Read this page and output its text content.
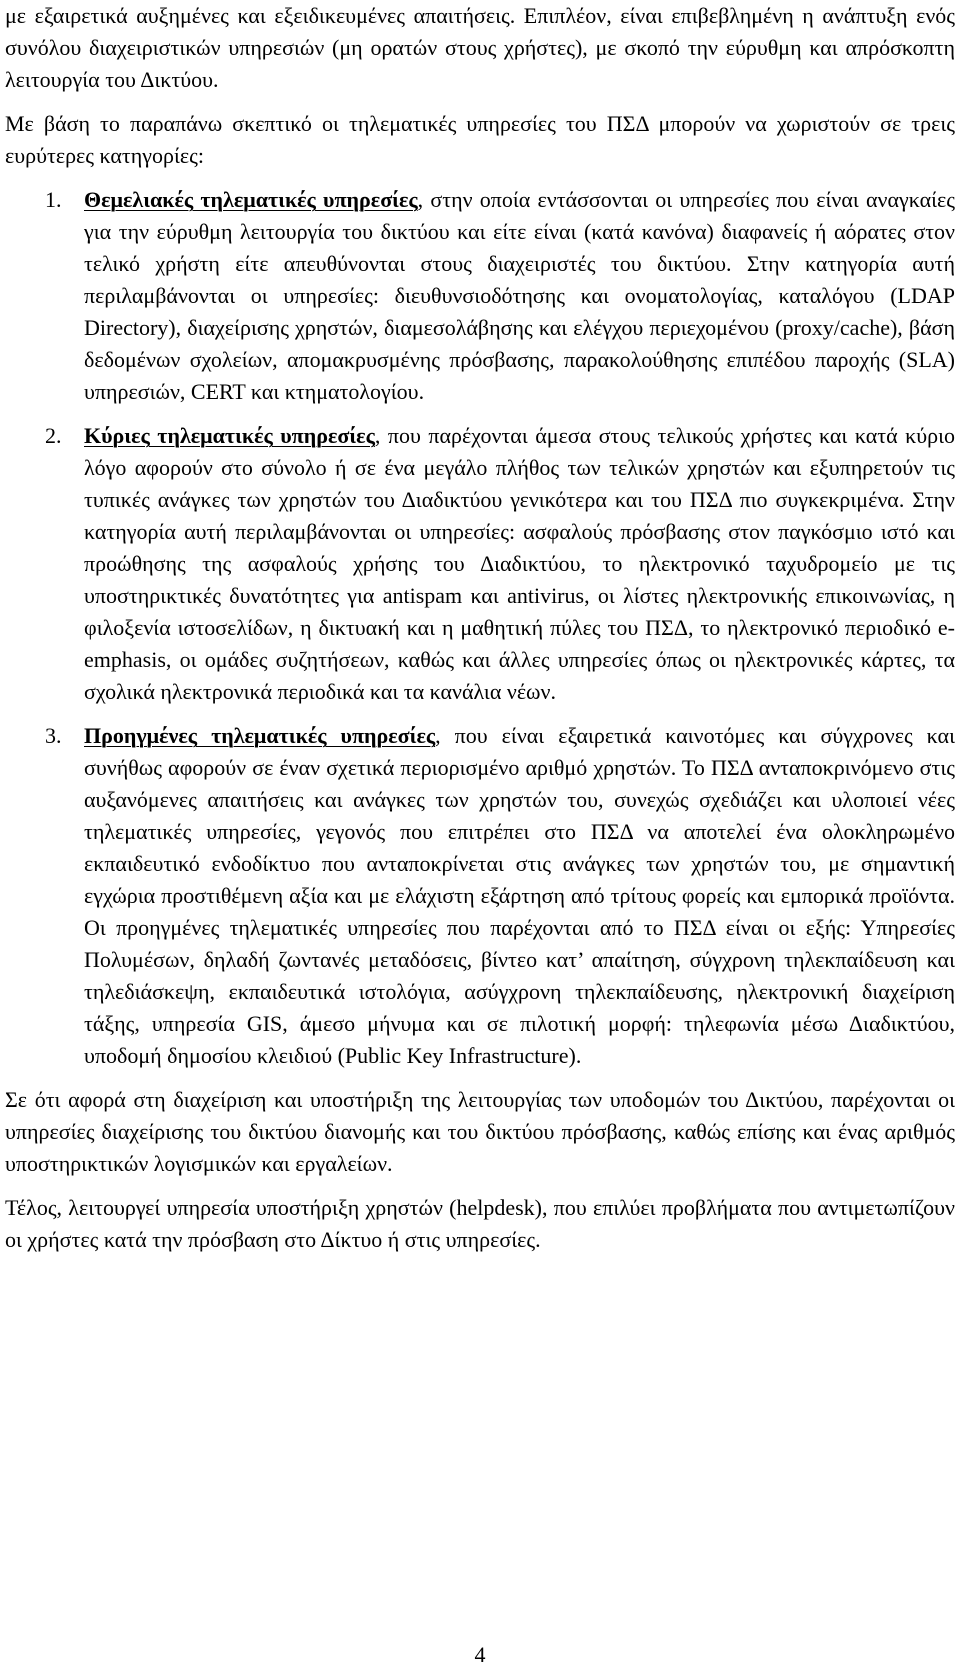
με εξαιρετικά αυξημένες και εξειδικευμένες απαιτήσεις. Επιπλέον, είναι επιβεβλημένη η ανάπτυξη ενός συνόλου διαχειριστικών υπηρεσιών (μη ορατών στους χρήστες), με σκοπό την εύρυθμη και απρόσκοπτη λειτουργία του Δικτύου.

Με βάση το παραπάνω σκεπτικό οι τηλεματικές υπηρεσίες του ΠΣΔ μπορούν να χωριστούν σε τρεις ευρύτερες κατηγορίες:

1. Θεμελιακές τηλεματικές υπηρεσίες, στην οποία εντάσσονται οι υπηρεσίες που είναι αναγκαίες για την εύρυθμη λειτουργία του δικτύου και είτε είναι (κατά κανόνα) διαφανείς ή αόρατες στον τελικό χρήστη είτε απευθύνονται στους διαχειριστές του δικτύου. Στην κατηγορία αυτή περιλαμβάνονται οι υπηρεσίες: διευθυνσιοδότησης και ονοματολογίας, καταλόγου (LDAP Directory), διαχείρισης χρηστών, διαμεσολάβησης και ελέγχου περιεχομένου (proxy/cache), βάση δεδομένων σχολείων, απομακρυσμένης πρόσβασης, παρακολούθησης επιπέδου παροχής (SLA) υπηρεσιών, CERT και κτηματολογίου.
2. Κύριες τηλεματικές υπηρεσίες, που παρέχονται άμεσα στους τελικούς χρήστες και κατά κύριο λόγο αφορούν στο σύνολο ή σε ένα μεγάλο πλήθος των τελικών χρηστών και εξυπηρετούν τις τυπικές ανάγκες των χρηστών του Διαδικτύου γενικότερα και του ΠΣΔ πιο συγκεκριμένα. Στην κατηγορία αυτή περιλαμβάνονται οι υπηρεσίες: ασφαλούς πρόσβασης στον παγκόσμιο ιστό και προώθησης της ασφαλούς χρήσης του Διαδικτύου, το ηλεκτρονικό ταχυδρομείο με τις υποστηρικτικές δυνατότητες για antispam και antivirus, οι λίστες ηλεκτρονικής επικοινωνίας, η φιλοξενία ιστοσελίδων, η δικτυακή και η μαθητική πύλες του ΠΣΔ, το ηλεκτρονικό περιοδικό e-emphasis, οι ομάδες συζητήσεων, καθώς και άλλες υπηρεσίες όπως οι ηλεκτρονικές κάρτες, τα σχολικά ηλεκτρονικά περιοδικά και τα κανάλια νέων.
3. Προηγμένες τηλεματικές υπηρεσίες, που είναι εξαιρετικά καινοτόμες και σύγχρονες και συνήθως αφορούν σε έναν σχετικά περιορισμένο αριθμό χρηστών. Το ΠΣΔ ανταποκρινόμενο στις αυξανόμενες απαιτήσεις και ανάγκες των χρηστών του, συνεχώς σχεδιάζει και υλοποιεί νέες τηλεματικές υπηρεσίες, γεγονός που επιτρέπει στο ΠΣΔ να αποτελεί ένα ολοκληρωμένο εκπαιδευτικό ενδοδίκτυο που ανταποκρίνεται στις ανάγκες των χρηστών του, με σημαντική εγχώρια προστιθέμενη αξία και με ελάχιστη εξάρτηση από τρίτους φορείς και εμπορικά προϊόντα. Οι προηγμένες τηλεματικές υπηρεσίες που παρέχονται από το ΠΣΔ είναι οι εξής: Υπηρεσίες Πολυμέσων, δηλαδή ζωντανές μεταδόσεις, βίντεο κατ’ απαίτηση, σύγχρονη τηλεκπαίδευση και τηλεδιάσκεψη, εκπαιδευτικά ιστολόγια, ασύγχρονη τηλεκπαίδευσης, ηλεκτρονική διαχείριση τάξης, υπηρεσία GIS, άμεσο μήνυμα και σε πιλοτική μορφή: τηλεφωνία μέσω Διαδικτύου, υποδομή δημοσίου κλειδιού (Public Key Infrastructure).

Σε ότι αφορά στη διαχείριση και υποστήριξη της λειτουργίας των υποδομών του Δικτύου, παρέχονται οι υπηρεσίες διαχείρισης του δικτύου διανομής και του δικτύου πρόσβασης, καθώς επίσης και ένας αριθμός υποστηρικτικών λογισμικών και εργαλείων.

Τέλος, λειτουργεί υπηρεσία υποστήριξη χρηστών (helpdesk), που επιλύει προβλήματα που αντιμετωπίζουν οι χρήστες κατά την πρόσβαση στο Δίκτυο ή στις υπηρεσίες.

4
